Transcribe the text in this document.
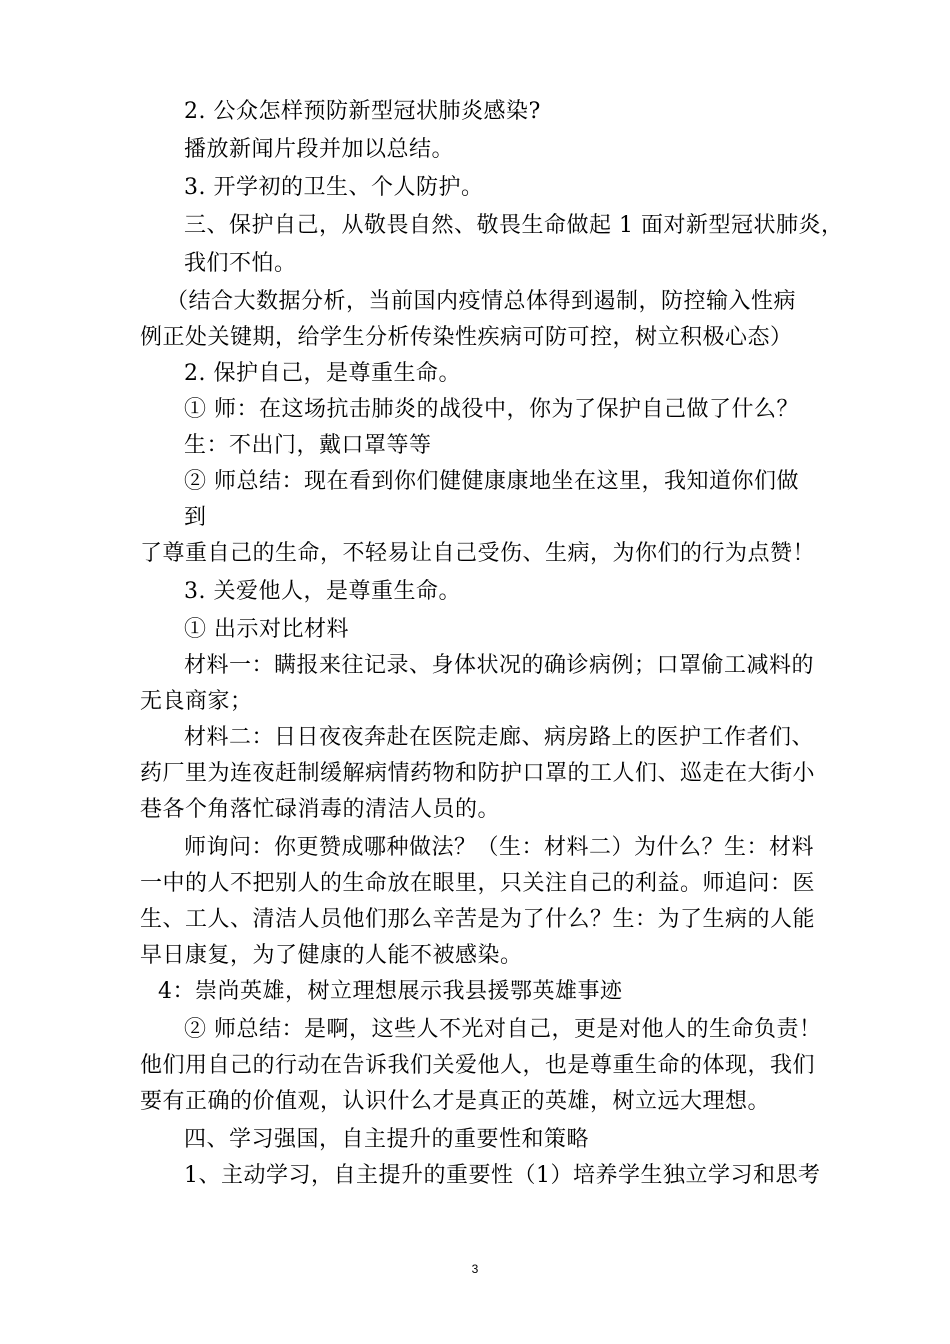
2. 公众怎样预防新型冠状肺炎感染?
播放新闻片段并加以总结。
3. 开学初的卫生、个人防护。
三、保护自己，从敬畏自然、敬畏生命做起 1 面对新型冠状肺炎，
我们不怕。
（结合大数据分析，当前国内疫情总体得到遏制，防控输入性病
例正处关键期，给学生分析传染性疾病可防可控，树立积极心态）
2. 保护自己，是尊重生命。
① 师：在这场抗击肺炎的战役中，你为了保护自己做了什么？
生：不出门，戴口罩等等
② 师总结：现在看到你们健健康康地坐在这里，我知道你们做
到
了尊重自己的生命，不轻易让自己受伤、生病，为你们的行为点赞！
3. 关爱他人，是尊重生命。
① 出示对比材料
材料一：瞒报来往记录、身体状况的确诊病例；口罩偷工减料的
无良商家；
材料二：日日夜夜奔赴在医院走廊、病房路上的医护工作者们、
药厂里为连夜赶制缓解病情药物和防护口罩的工人们、巡走在大街小
巷各个角落忙碌消毒的清洁人员的。
师询问：你更赞成哪种做法？（生：材料二）为什么？生：材料
一中的人不把别人的生命放在眼里，只关注自己的利益。师追问：医
生、工人、清洁人员他们那么辛苦是为了什么？生：为了生病的人能
早日康复，为了健康的人能不被感染。
4：崇尚英雄，树立理想展示我县援鄂英雄事迹
② 师总结：是啊，这些人不光对自己，更是对他人的生命负责！
他们用自己的行动在告诉我们关爱他人，也是尊重生命的体现，我们
要有正确的价值观，认识什么才是真正的英雄，树立远大理想。
四、学习强国，自主提升的重要性和策略
1、主动学习，自主提升的重要性（1）培养学生独立学习和思考
3
